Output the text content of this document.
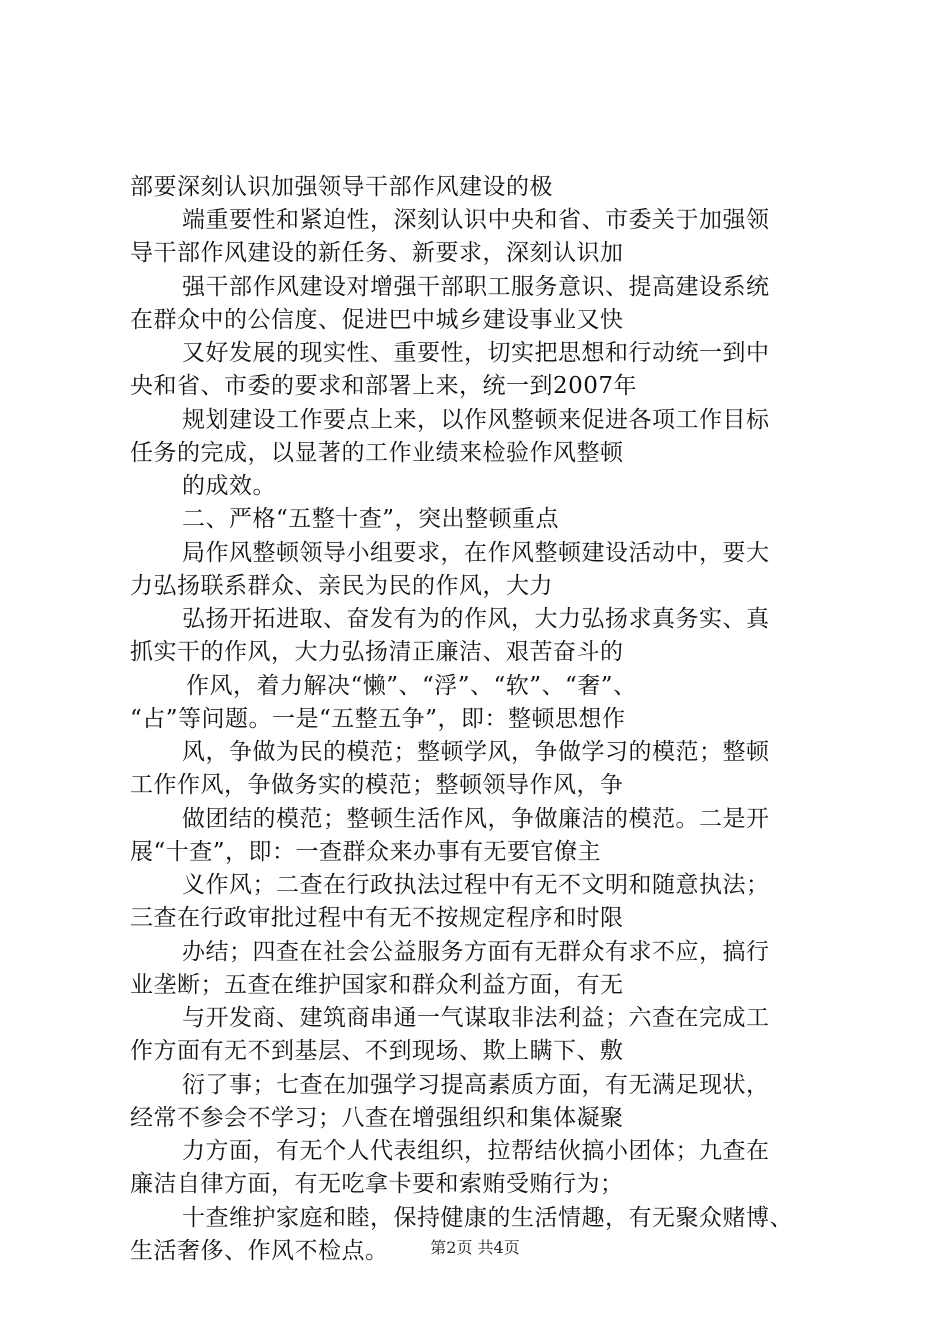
部要深刻认识加强领导干部作风建设的极
端重要性和紧迫性，深刻认识中央和省、市委关于加强领
导干部作风建设的新任务、新要求，深刻认识加
强干部作风建设对增强干部职工服务意识、提高建设系统
在群众中的公信度、促进巴中城乡建设事业又快
又好发展的现实性、重要性，切实把思想和行动统一到中
央和省、市委的要求和部署上来，统一到2007年
规划建设工作要点上来，以作风整顿来促进各项工作目标
任务的完成，以显著的工作业绩来检验作风整顿
的成效。
二、严格“五整十查”，突出整顿重点
局作风整顿领导小组要求，在作风整顿建设活动中，要大
力弘扬联系群众、亲民为民的作风，大力
弘扬开拓进取、奋发有为的作风，大力弘扬求真务实、真
抓实干的作风，大力弘扬清正廉洁、艰苦奋斗的
作风，着力解决“懒”、“浮”、“软”、“奢”、
“占”等问题。一是“五整五争”，即：整顿思想作
风，争做为民的模范；整顿学风，争做学习的模范；整顿
工作作风，争做务实的模范；整顿领导作风，争
做团结的模范；整顿生活作风，争做廉洁的模范。二是开
展“十查”，即：一查群众来办事有无要官僚主
义作风；二查在行政执法过程中有无不文明和随意执法；
三查在行政审批过程中有无不按规定程序和时限
办结；四查在社会公益服务方面有无群众有求不应，搞行
业垄断；五查在维护国家和群众利益方面，有无
与开发商、建筑商串通一气谋取非法利益；六查在完成工
作方面有无不到基层、不到现场、欺上瞒下、敷
衍了事；七查在加强学习提高素质方面，有无满足现状，
经常不参会不学习；八查在增强组织和集体凝聚
力方面，有无个人代表组织，拉帮结伙搞小团体；九查在
廉洁自律方面，有无吃拿卡要和索贿受贿行为；
十查维护家庭和睦，保持健康的生活情趣，有无聚众赌博、
生活奢侈、作风不检点。	第2页 共4页
